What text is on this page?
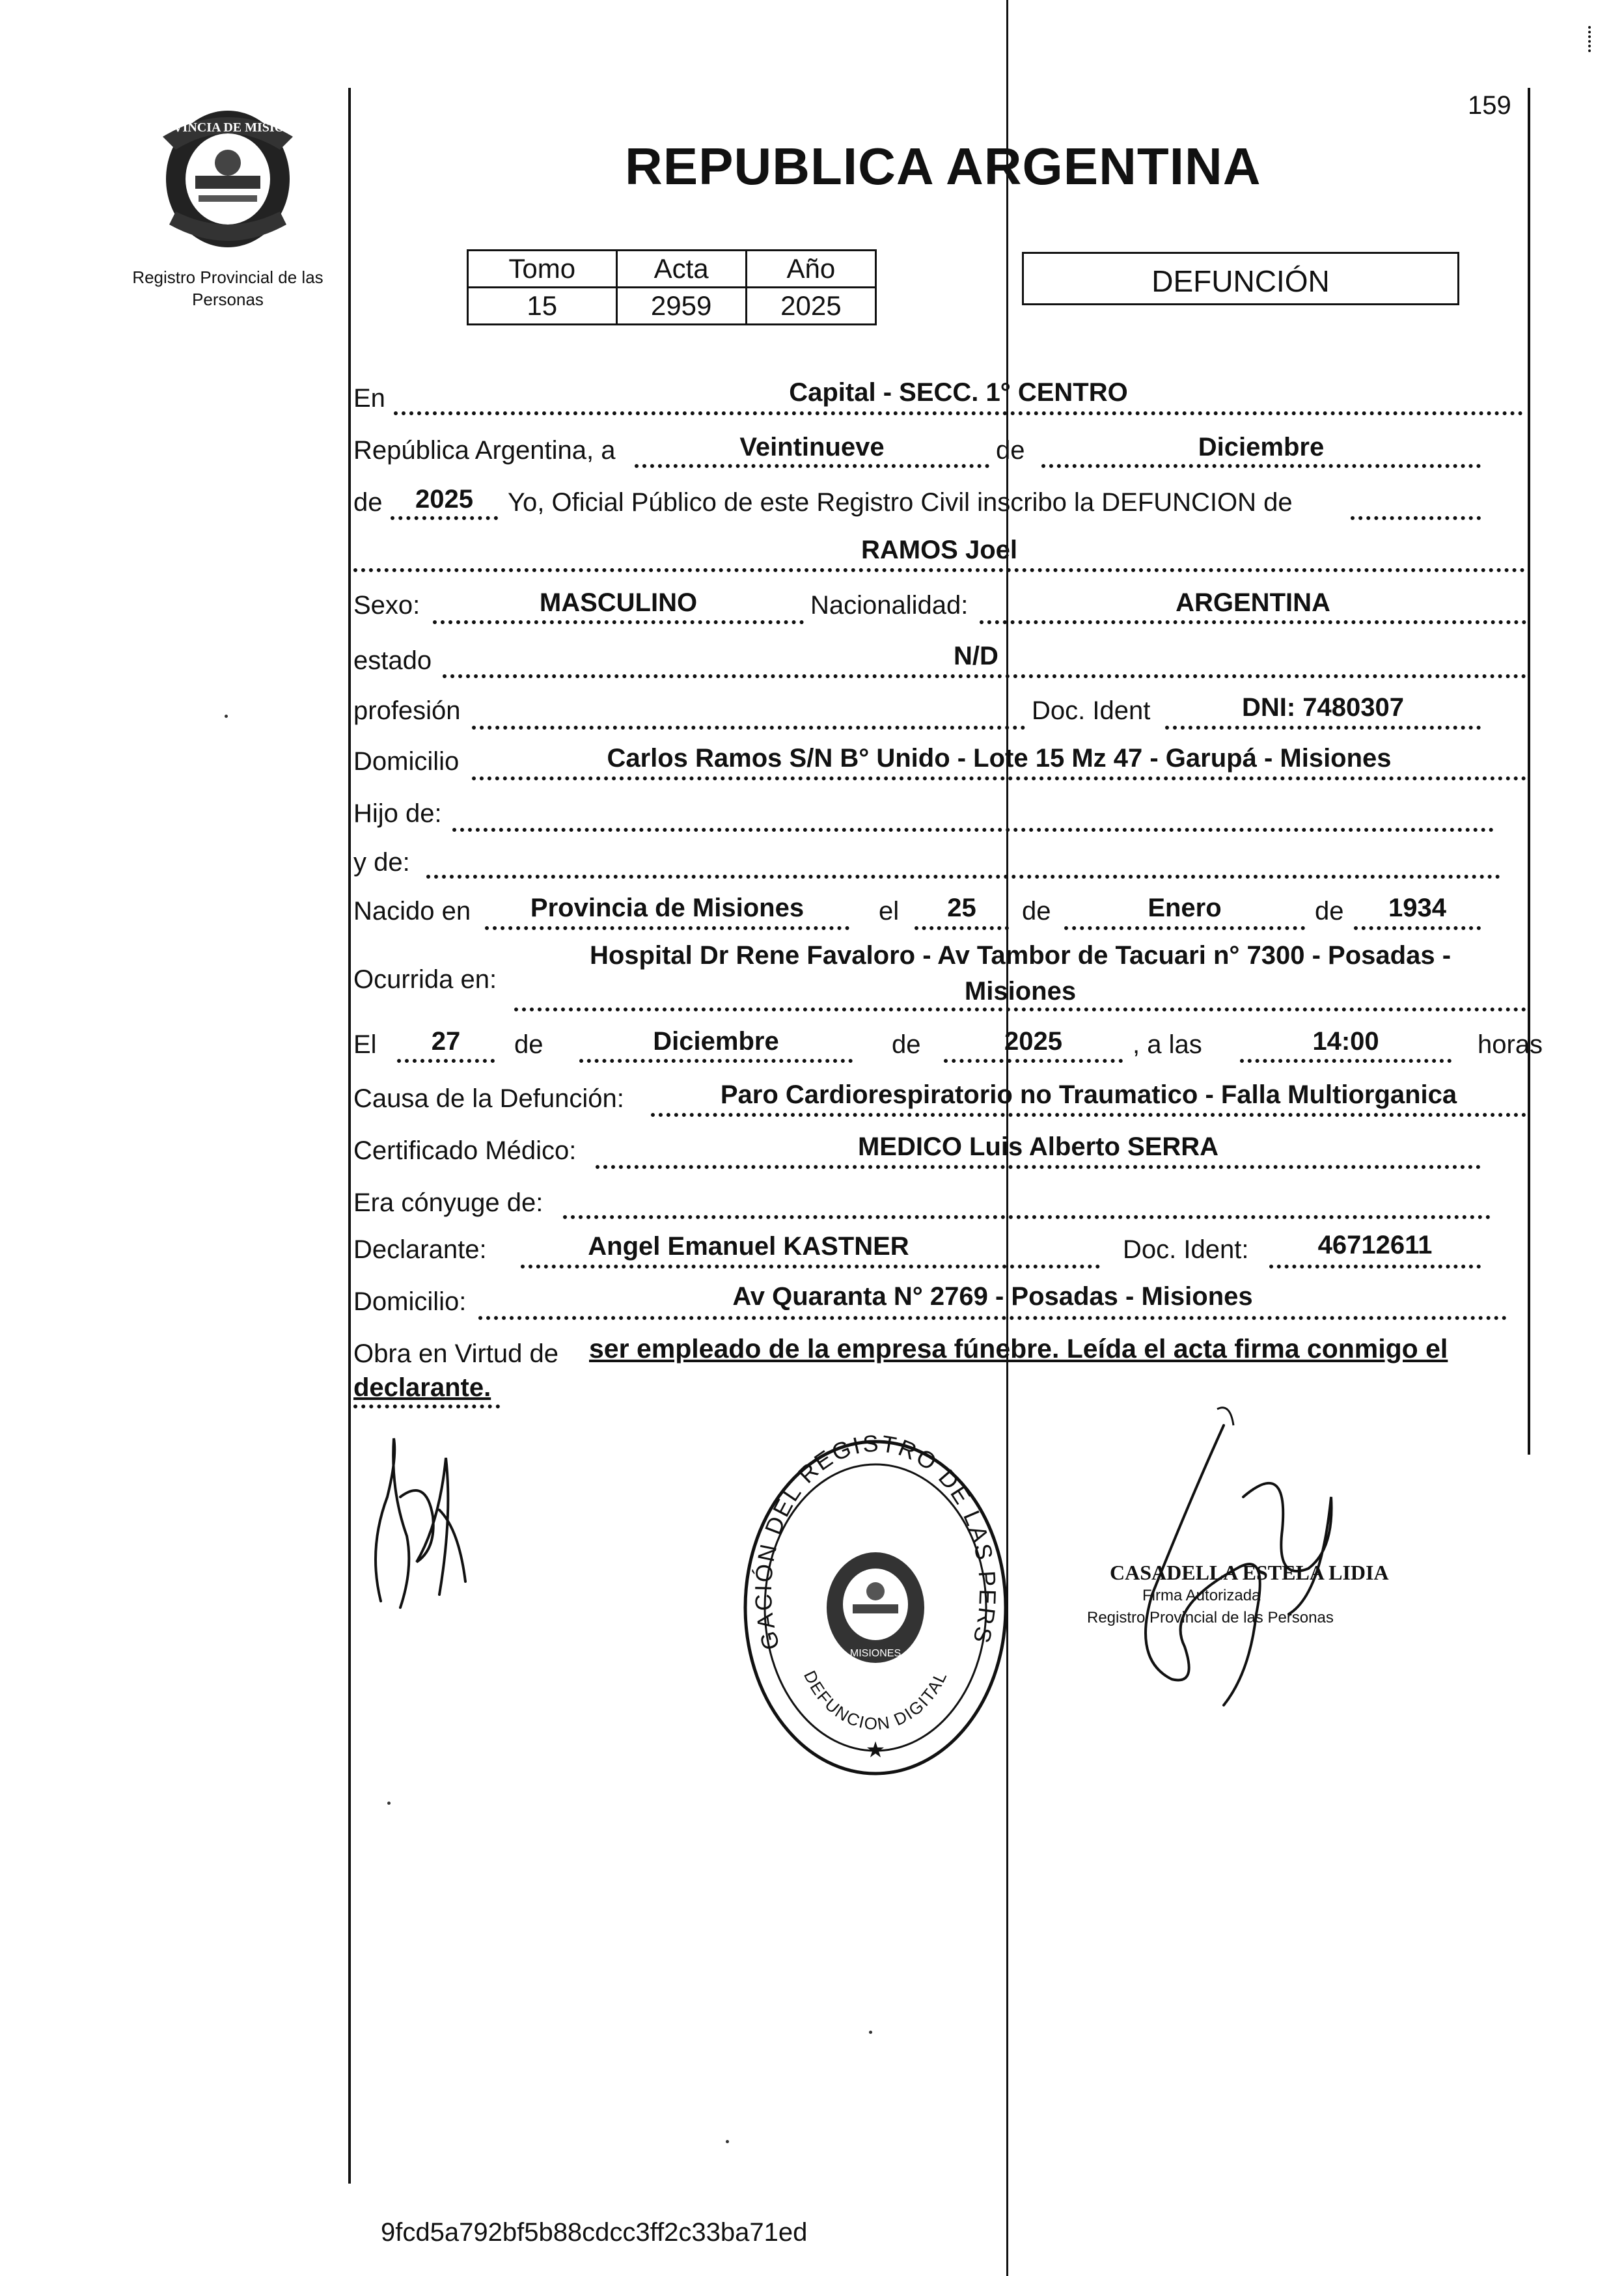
PROVINCIA DE MISIONES
Registro Provincial de las Personas
159
REPUBLICA ARGENTINA
Tomo	Acta	Año
15	2959	2025
DEFUNCIÓN
En	Capital - SECC. 1° CENTRO
República Argentina, a	Veintinueve	de	Diciembre
de	2025	Yo, Oficial Público de este Registro Civil inscribo la DEFUNCION de
RAMOS Joel
Sexo:	MASCULINO	Nacionalidad:	ARGENTINA
estado	N/D
profesión	Doc. Ident	DNI: 7480307
Domicilio	Carlos Ramos S/N B° Unido - Lote 15 Mz 47 - Garupá - Misiones
Hijo de:
y de:
Nacido en	Provincia de Misiones	el	25	de	Enero	de	1934
Ocurrida en:
Hospital Dr Rene Favaloro - Av Tambor de Tacuari n° 7300 - Posadas -
Misiones
El	27	de	Diciembre	de	2025	, a las	14:00	horas
Causa de la Defunción:	Paro Cardiorespiratorio no Traumatico - Falla Multiorganica
Certificado Médico:	MEDICO Luis Alberto SERRA
Era cónyuge de:
Declarante:	Angel Emanuel KASTNER	Doc. Ident:	46712611
Domicilio:	Av Quaranta N° 2769 - Posadas - Misiones
Obra en Virtud de ser empleado de la empresa fúnebre. Leída el acta firma conmigo el
declarante.
GACIÓN DEL REGISTRO DE LAS PERS
DEFUNCION DIGITAL
MISIONES
★
CASADELLA ESTELA LIDIA
Firma Autorizada
Registro Provincial de las Personas
9fcd5a792bf5b88cdcc3ff2c33ba71ed
